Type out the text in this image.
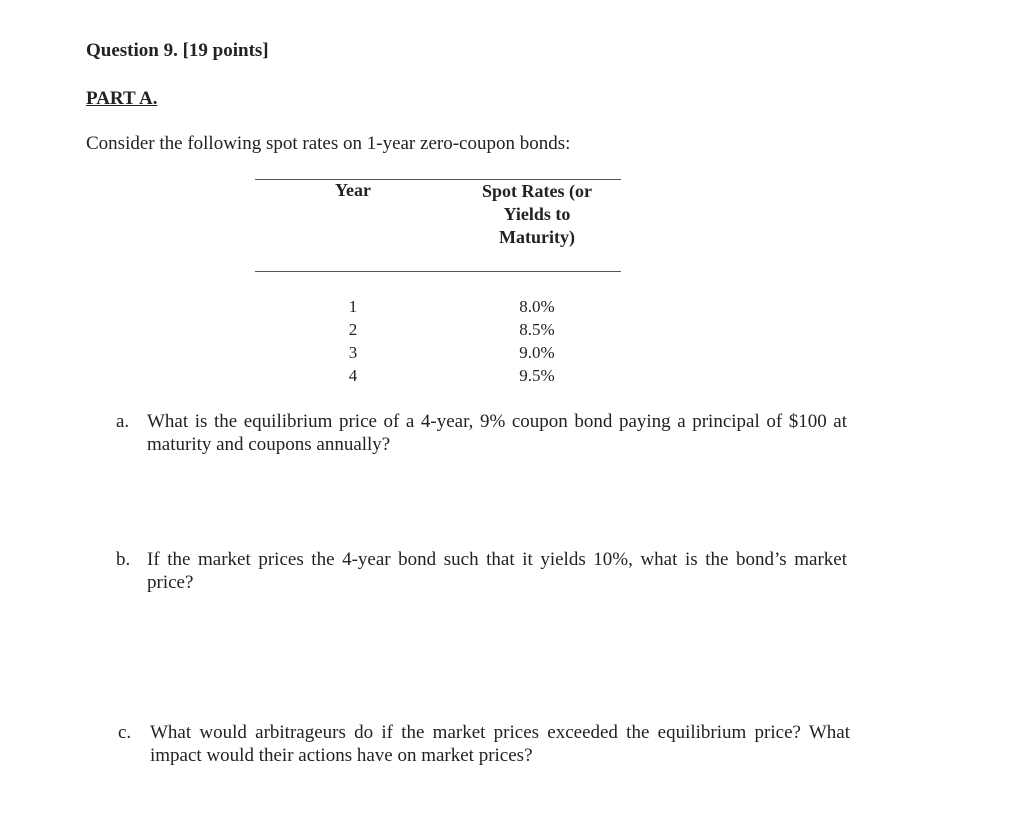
Question 9. [19 points]
PART A.
Consider the following spot rates on 1-year zero-coupon bonds:
Year	Spot Rates (or
Yields to
Maturity)
1
2
3
4
8.0%
8.5%
9.0%
9.5%
a. What is the equilibrium price of a 4-year, 9% coupon bond paying a principal of $100 at maturity and coupons annually?
b. If the market prices the 4-year bond such that it yields 10%, what is the bond’s market price?
c. What would arbitrageurs do if the market prices exceeded the equilibrium price? What impact would their actions have on market prices?
